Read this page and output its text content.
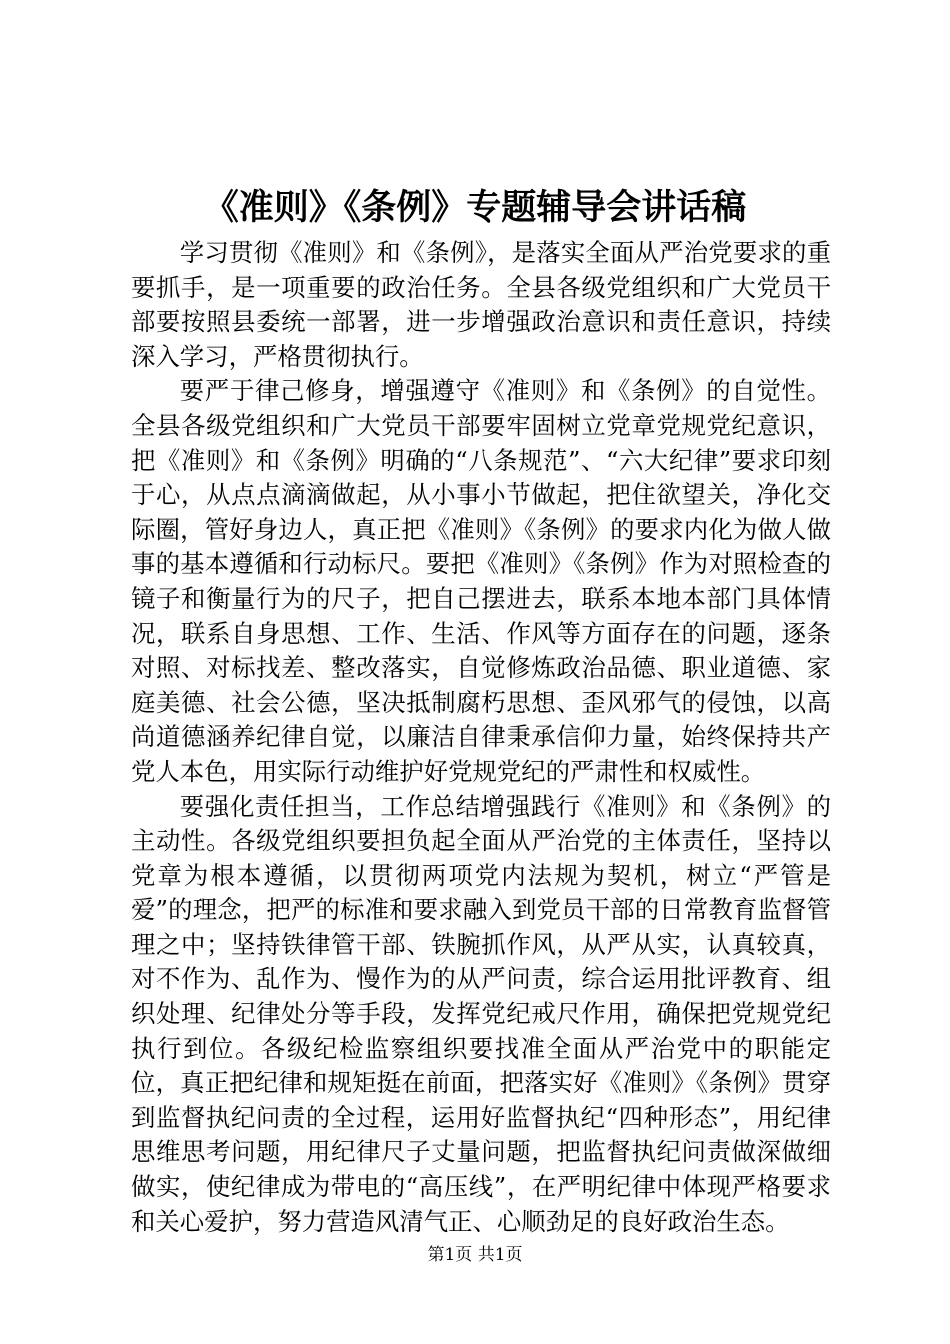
《准则》《条例》专题辅导会讲话稿

学习贯彻《准则》和《条例》，是落实全面从严治党要求的重要抓手，是一项重要的政治任务。全县各级党组织和广大党员干部要按照县委统一部署，进一步增强政治意识和责任意识，持续深入学习，严格贯彻执行。

要严于律己修身，增强遵守《准则》和《条例》的自觉性。全县各级党组织和广大党员干部要牢固树立党章党规党纪意识，把《准则》和《条例》明确的“八条规范”、“六大纪律”要求印刻于心，从点点滴滴做起，从小事小节做起，把住欲望关，净化交际圈，管好身边人，真正把《准则》《条例》的要求内化为做人做事的基本遵循和行动标尺。要把《准则》《条例》作为对照检查的镜子和衡量行为的尺子，把自己摆进去，联系本地本部门具体情况，联系自身思想、工作、生活、作风等方面存在的问题，逐条对照、对标找差、整改落实，自觉修炼政治品德、职业道德、家庭美德、社会公德，坚决抵制腐朽思想、歪风邪气的侵蚀，以高尚道德涵养纪律自觉，以廉洁自律秉承信仰力量，始终保持共产党人本色，用实际行动维护好党规党纪的严肃性和权威性。

要强化责任担当，工作总结增强践行《准则》和《条例》的主动性。各级党组织要担负起全面从严治党的主体责任，坚持以党章为根本遵循，以贯彻两项党内法规为契机，树立“严管是爱”的理念，把严的标准和要求融入到党员干部的日常教育监督管理之中；坚持铁律管干部、铁腕抓作风，从严从实，认真较真，对不作为、乱作为、慢作为的从严问责，综合运用批评教育、组织处理、纪律处分等手段，发挥党纪戒尺作用，确保把党规党纪执行到位。各级纪检监察组织要找准全面从严治党中的职能定位，真正把纪律和规矩挺在前面，把落实好《准则》《条例》贯穿到监督执纪问责的全过程，运用好监督执纪“四种形态”，用纪律思维思考问题，用纪律尺子丈量问题，把监督执纪问责做深做细做实，使纪律成为带电的“高压线”，在严明纪律中体现严格要求和关心爱护，努力营造风清气正、心顺劲足的良好政治生态。

第1页 共1页
